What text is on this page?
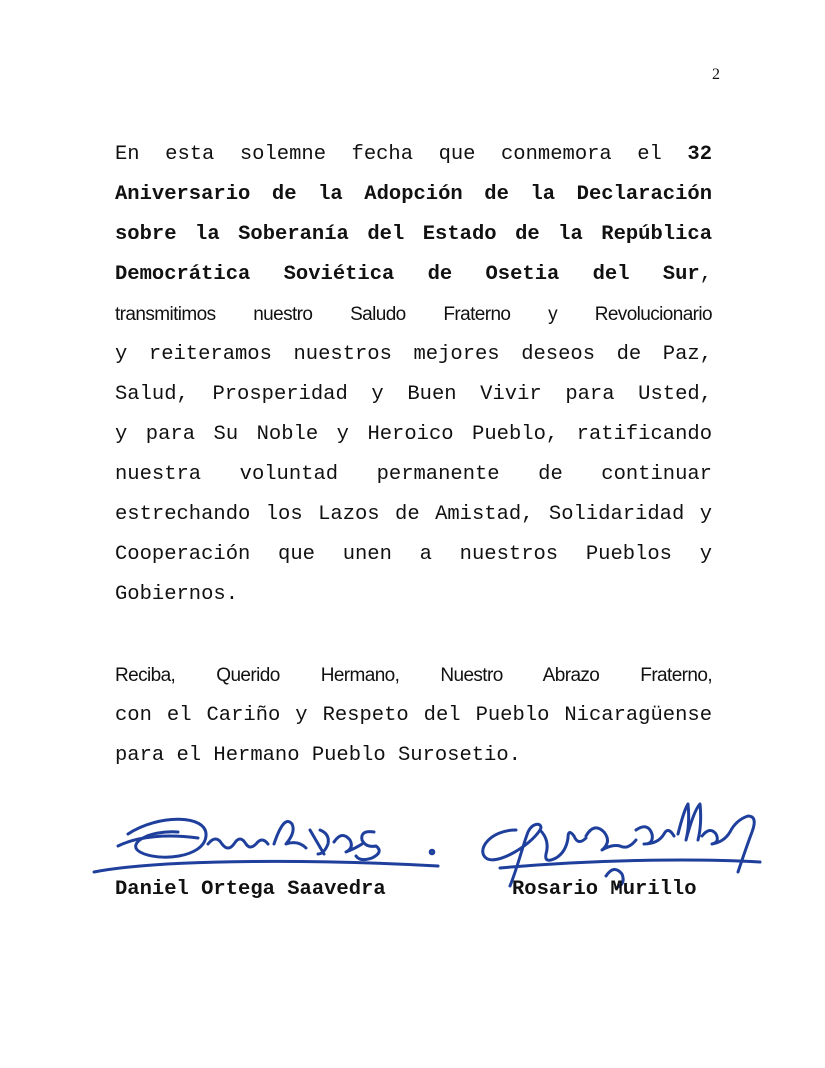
2
En esta solemne fecha que conmemora el 32
Aniversario de la Adopción de la Declaración
sobre la Soberanía del Estado de la República
Democrática Soviética de Osetia del Sur,
transmitimos nuestro Saludo Fraterno y Revolucionario
y reiteramos nuestros mejores deseos de Paz,
Salud, Prosperidad y Buen Vivir para Usted,
y para Su Noble y Heroico Pueblo, ratificando
nuestra voluntad permanente de continuar
estrechando los Lazos de Amistad, Solidaridad y
Cooperación que unen a nuestros Pueblos y
Gobiernos.
Reciba, Querido Hermano, Nuestro Abrazo Fraterno,
con el Cariño y Respeto del Pueblo Nicaragüense
para el Hermano Pueblo Surosetio.
Daniel Ortega Saavedra	Rosario Murillo
